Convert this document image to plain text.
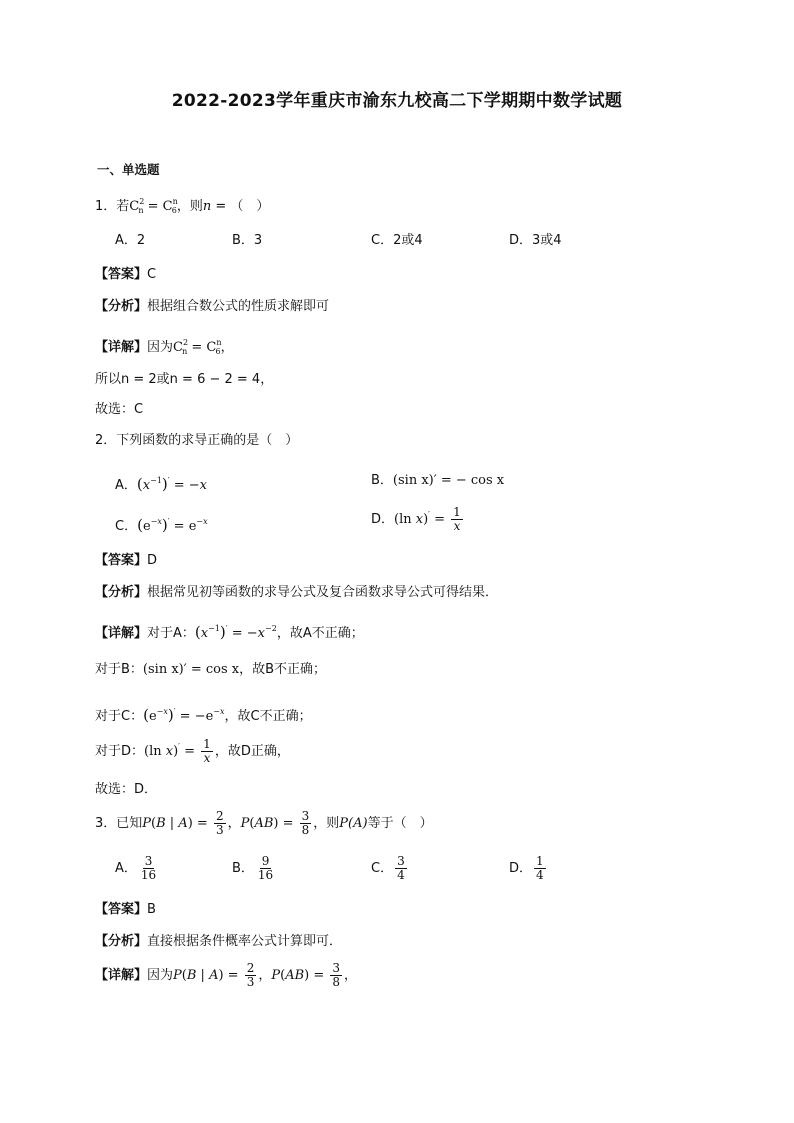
2022-2023学年重庆市渝东九校高二下学期期中数学试题
一、单选题
1．若$C^2_n = C^n_6$，则n = （　）
A．2	B．3	C．2或4	D．3或4
【答案】C
【分析】根据组合数公式的性质求解即可
【详解】因为$C^2_n = C^n_6$，
所以n = 2或n = 6 − 2 = 4，
故选：C
2．下列函数的求导正确的是（　）
A．$(x^{-1})' = -x$	B．(sin x)′ = − cos x
C．$(e^{-x})' = e^{-x}$	D．(ln $x)' = \frac{1}{x}$
【答案】D
【分析】根据常见初等函数的求导公式及复合函数求导公式可得结果．
【详解】对于A：$(x^{-1})' = -x^{-2}$，故A不正确；
对于B：(sin x)′ = cos x，故B不正确；
对于C：$(e^{-x})' = -e^{-x}$，故C不正确；
对于D：(ln $x)' = \frac{1}{x}$ ，故D正确，
故选：D．
3．已知P(B | $A) = \frac{2}{3}$ ，$P(AB) = \frac{3}{8}$ ，则P(A)等于（　）
A． $\frac{3}{16}$	B． $\frac{9}{16}$	C． $\frac{3}{4}$	D． $\frac{1}{4}$
【答案】B
【分析】直接根据条件概率公式计算即可．
【详解】因为P(B | $A) = \frac{2}{3}$ ，$P(AB) = \frac{3}{8}$ ，
